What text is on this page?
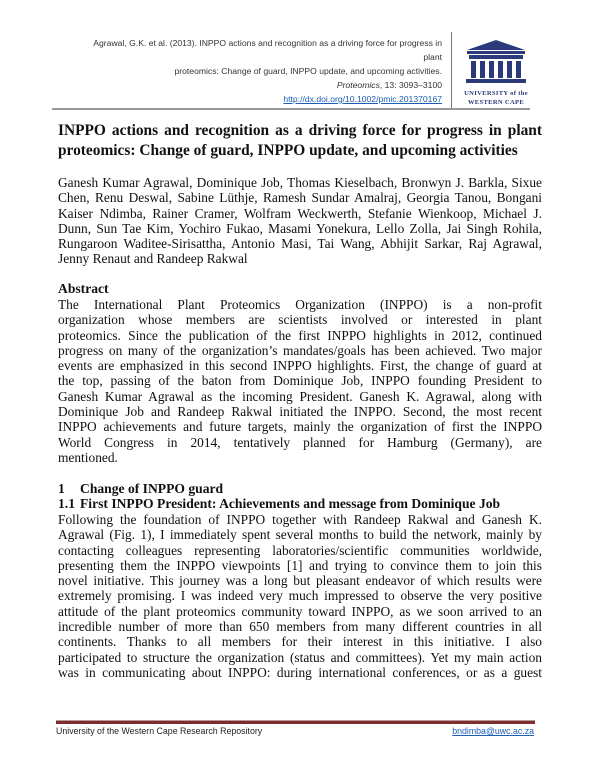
Agrawal, G.K. et al. (2013). INPPO actions and recognition as a driving force for progress in plant
proteomics: Change of guard, INPPO update, and upcoming activities.
Proteomics, 13: 3093–3100
http://dx.doi.org/10.1002/pmic.201370167
UNIVERSITY of the
WESTERN CAPE
INPPO actions and recognition as a driving force for progress in plant
proteomics: Change of guard, INPPO update, and upcoming activities
Ganesh Kumar Agrawal, Dominique Job, Thomas Kieselbach, Bronwyn J. Barkla, Sixue
Chen, Renu Deswal, Sabine Lüthje, Ramesh Sundar Amalraj, Georgia Tanou, Bongani
Kaiser Ndimba, Rainer Cramer, Wolfram Weckwerth, Stefanie Wienkoop, Michael J.
Dunn, Sun Tae Kim, Yochiro Fukao, Masami Yonekura, Lello Zolla, Jai Singh Rohila,
Rungaroon Waditee-Sirisattha, Antonio Masi, Tai Wang, Abhijit Sarkar, Raj Agrawal,
Jenny Renaut and Randeep Rakwal
Abstract
The International Plant Proteomics Organization (INPPO) is a non-profit
organization whose members are scientists involved or interested in plant
proteomics. Since the publication of the first INPPO highlights in 2012, continued
progress on many of the organization’s mandates/goals has been achieved. Two major
events are emphasized in this second INPPO highlights. First, the change of guard at
the top, passing of the baton from Dominique Job, INPPO founding President to
Ganesh Kumar Agrawal as the incoming President. Ganesh K. Agrawal, along with
Dominique Job and Randeep Rakwal initiated the INPPO. Second, the most recent
INPPO achievements and future targets, mainly the organization of first the INPPO
World Congress in 2014, tentatively planned for Hamburg (Germany), are
mentioned.
1 Change of INPPO guard
1.1 First INPPO President: Achievements and message from Dominique Job
Following the foundation of INPPO together with Randeep Rakwal and Ganesh K.
Agrawal (Fig. 1), I immediately spent several months to build the network, mainly by
contacting colleagues representing laboratories/scientific communities worldwide,
presenting them the INPPO viewpoints [1] and trying to convince them to join this
novel initiative. This journey was a long but pleasant endeavor of which results were
extremely promising. I was indeed very much impressed to observe the very positive
attitude of the plant proteomics community toward INPPO, as we soon arrived to an
incredible number of more than 650 members from many different countries in all
continents. Thanks to all members for their interest in this initiative. I also
participated to structure the organization (status and committees). Yet my main action
was in communicating about INPPO: during international conferences, or as a guest
University of the Western Cape Research Repository	bndimba@uwc.ac.za
